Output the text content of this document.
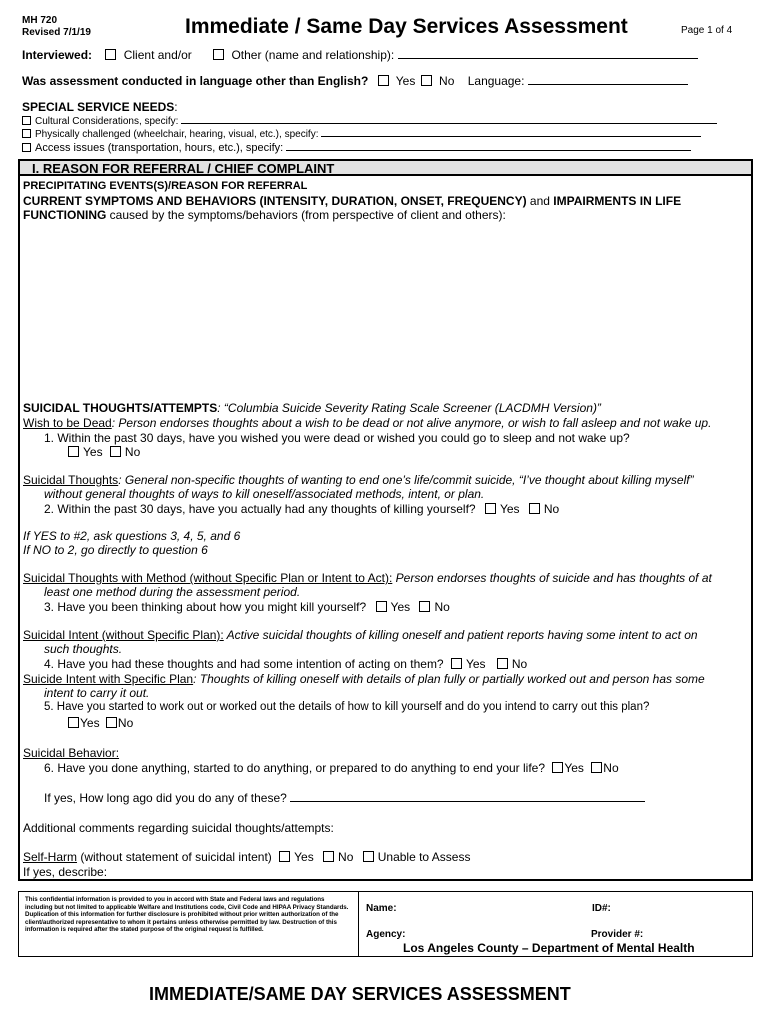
MH 720
Revised 7/1/19	Immediate / Same Day Services Assessment	Page 1 of 4
Interviewed:	Client and/or	Other (name and relationship):
Was assessment conducted in language other than English? Yes No Language:
SPECIAL SERVICE NEEDS:
Cultural Considerations, specify:
Physically challenged (wheelchair, hearing, visual, etc.), specify:
Access issues (transportation, hours, etc.), specify:
I. REASON FOR REFERRAL / CHIEF COMPLAINT
PRECIPITATING EVENTS(S)/REASON FOR REFERRAL
CURRENT SYMPTOMS AND BEHAVIORS (INTENSITY, DURATION, ONSET, FREQUENCY) and IMPAIRMENTS IN LIFE
FUNCTIONING caused by the symptoms/behaviors (from perspective of client and others):
SUICIDAL THOUGHTS/ATTEMPTS: “Columbia Suicide Severity Rating Scale Screener (LACDMH Version)”
Wish to be Dead: Person endorses thoughts about a wish to be dead or not alive anymore, or wish to fall asleep and not wake up.
1. Within the past 30 days, have you wished you were dead or wished you could go to sleep and not wake up?
Yes No
Suicidal Thoughts: General non-specific thoughts of wanting to end one’s life/commit suicide, “I’ve thought about killing myself”
without general thoughts of ways to kill oneself/associated methods, intent, or plan.
2. Within the past 30 days, have you actually had any thoughts of killing yourself? Yes No
If YES to #2, ask questions 3, 4, 5, and 6
If NO to 2, go directly to question 6
Suicidal Thoughts with Method (without Specific Plan or Intent to Act): Person endorses thoughts of suicide and has thoughts of at
least one method during the assessment period.
3. Have you been thinking about how you might kill yourself? Yes No
Suicidal Intent (without Specific Plan): Active suicidal thoughts of killing oneself and patient reports having some intent to act on
such thoughts.
4. Have you had these thoughts and had some intention of acting on them? Yes No
Suicide Intent with Specific Plan: Thoughts of killing oneself with details of plan fully or partially worked out and person has some
intent to carry it out.
5. Have you started to work out or worked out the details of how to kill yourself and do you intend to carry out this plan?
Yes No
Suicidal Behavior:
6. Have you done anything, started to do anything, or prepared to do anything to end your life? Yes No
If yes, How long ago did you do any of these?
Additional comments regarding suicidal thoughts/attempts:
Self-Harm (without statement of suicidal intent) Yes No Unable to Assess
If yes, describe:
This confidential information is provided to you in accord with State and Federal laws and regulations including but not limited to applicable Welfare and Institutions code, Civil Code and HIPAA Privacy Standards. Duplication of this information for further disclosure is prohibited without prior written authorization of the client/authorized representative to whom it pertains unless otherwise permitted by law. Destruction of this information is required after the stated purpose of the original request is fulfilled.
Name:	ID#:
Agency:	Provider #:
Los Angeles County – Department of Mental Health
IMMEDIATE/SAME DAY SERVICES ASSESSMENT
